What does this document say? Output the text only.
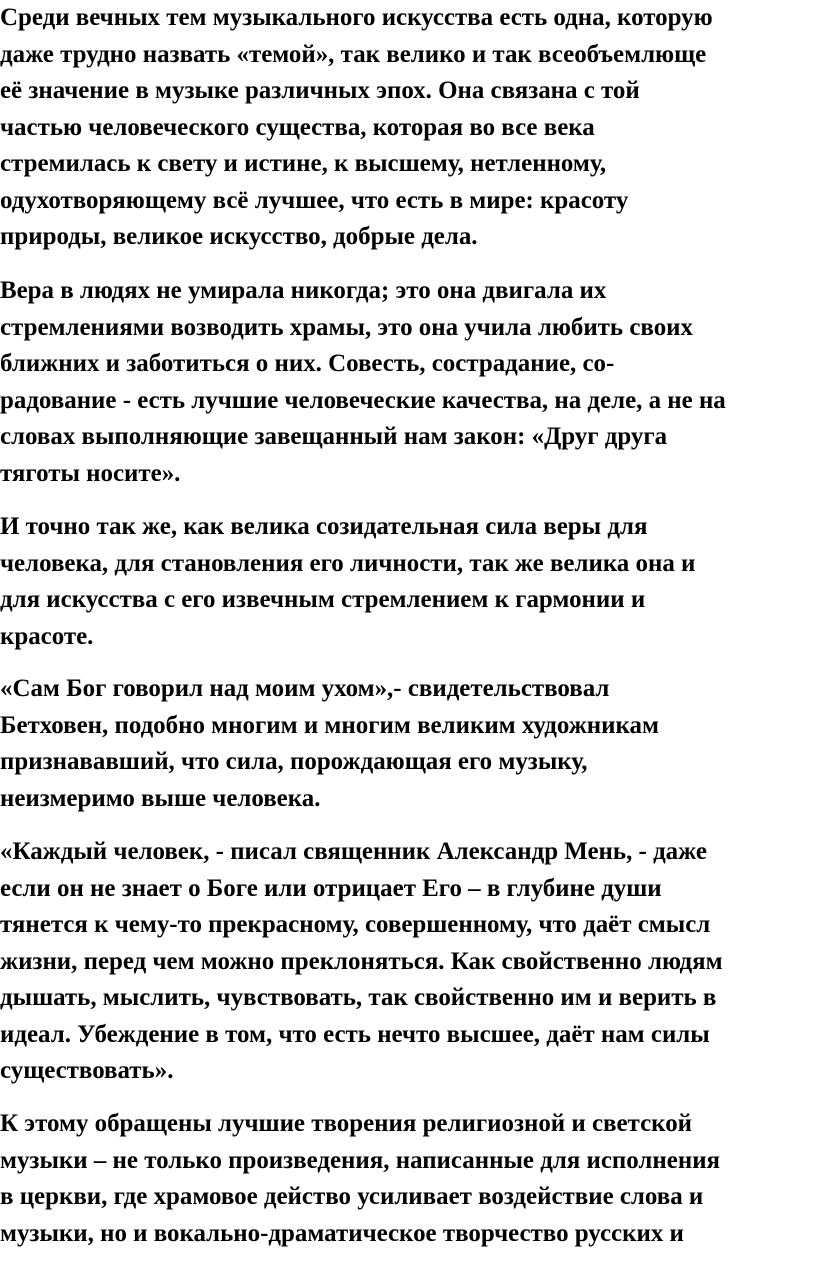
Среди вечных тем музыкального искусства есть одна, которую
даже трудно назвать «темой», так велико и так всеобъемлюще
её значение в музыке различных эпох. Она связана с той
частью человеческого существа, которая во все века
стремилась к свету и истине, к высшему, нетленному,
одухотворяющему всё лучшее, что есть в мире: красоту
природы, великое искусство, добрые дела.
Вера в людях не умирала никогда; это она двигала их
стремлениями возводить храмы, это она учила любить своих
ближних и заботиться о них. Совесть, сострадание, со-
радование - есть лучшие человеческие качества, на деле, а не на
словах выполняющие завещанный нам закон: «Друг друга
тяготы носите».
И точно так же, как велика созидательная сила веры для
человека, для становления его личности, так же велика она и
для искусства с его извечным стремлением к гармонии и
красоте.
«Сам Бог говорил над моим ухом»,- свидетельствовал
Бетховен, подобно многим и многим великим художникам
признававший, что сила, порождающая его музыку,
неизмеримо выше человека.
«Каждый человек, - писал священник Александр Мень, - даже
если он не знает о Боге или отрицает Его – в глубине души
тянется к чему-то прекрасному, совершенному, что даёт смысл
жизни, перед чем можно преклоняться. Как свойственно людям
дышать, мыслить, чувствовать, так свойственно им и верить в
идеал. Убеждение в том, что есть нечто высшее, даёт нам силы
существовать».
К этому обращены лучшие творения религиозной и светской
музыки – не только произведения, написанные для исполнения
в церкви, где храмовое действо усиливает воздействие слова и
музыки, но и вокально-драматическое творчество русских и
